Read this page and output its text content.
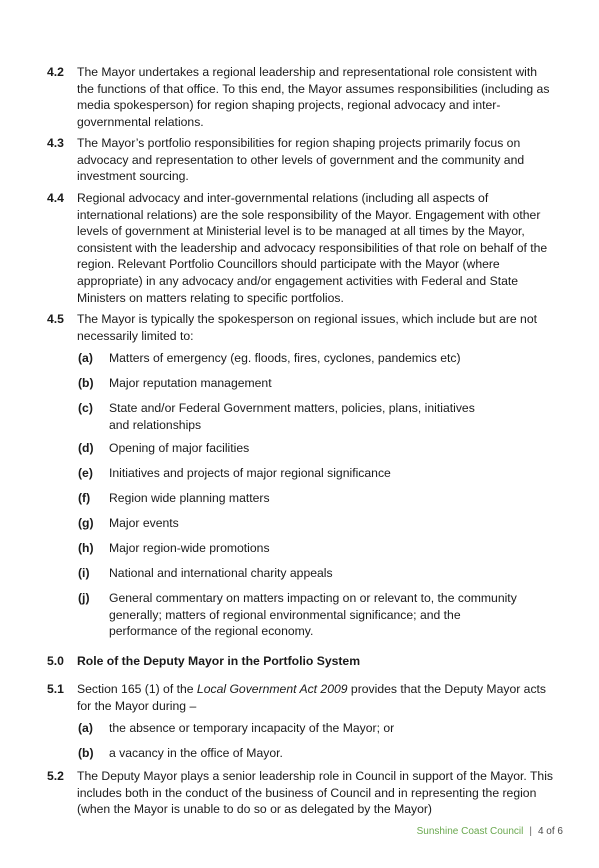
4.2 The Mayor undertakes a regional leadership and representational role consistent with the functions of that office. To this end, the Mayor assumes responsibilities (including as media spokesperson) for region shaping projects, regional advocacy and inter-governmental relations.
4.3 The Mayor’s portfolio responsibilities for region shaping projects primarily focus on advocacy and representation to other levels of government and the community and investment sourcing.
4.4 Regional advocacy and inter-governmental relations (including all aspects of international relations) are the sole responsibility of the Mayor. Engagement with other levels of government at Ministerial level is to be managed at all times by the Mayor, consistent with the leadership and advocacy responsibilities of that role on behalf of the region. Relevant Portfolio Councillors should participate with the Mayor (where appropriate) in any advocacy and/or engagement activities with Federal and State Ministers on matters relating to specific portfolios.
4.5 The Mayor is typically the spokesperson on regional issues, which include but are not necessarily limited to:
(a) Matters of emergency (eg. floods, fires, cyclones, pandemics etc)
(b) Major reputation management
(c) State and/or Federal Government matters, policies, plans, initiatives and relationships
(d) Opening of major facilities
(e) Initiatives and projects of major regional significance
(f) Region wide planning matters
(g) Major events
(h) Major region-wide promotions
(i) National and international charity appeals
(j) General commentary on matters impacting on or relevant to, the community generally; matters of regional environmental significance; and the performance of the regional economy.
5.0 Role of the Deputy Mayor in the Portfolio System
5.1 Section 165 (1) of the Local Government Act 2009 provides that the Deputy Mayor acts for the Mayor during –
(a) the absence or temporary incapacity of the Mayor; or
(b) a vacancy in the office of Mayor.
5.2 The Deputy Mayor plays a senior leadership role in Council in support of the Mayor. This includes both in the conduct of the business of Council and in representing the region (when the Mayor is unable to do so or as delegated by the Mayor)
Sunshine Coast Council | 4 of 6
